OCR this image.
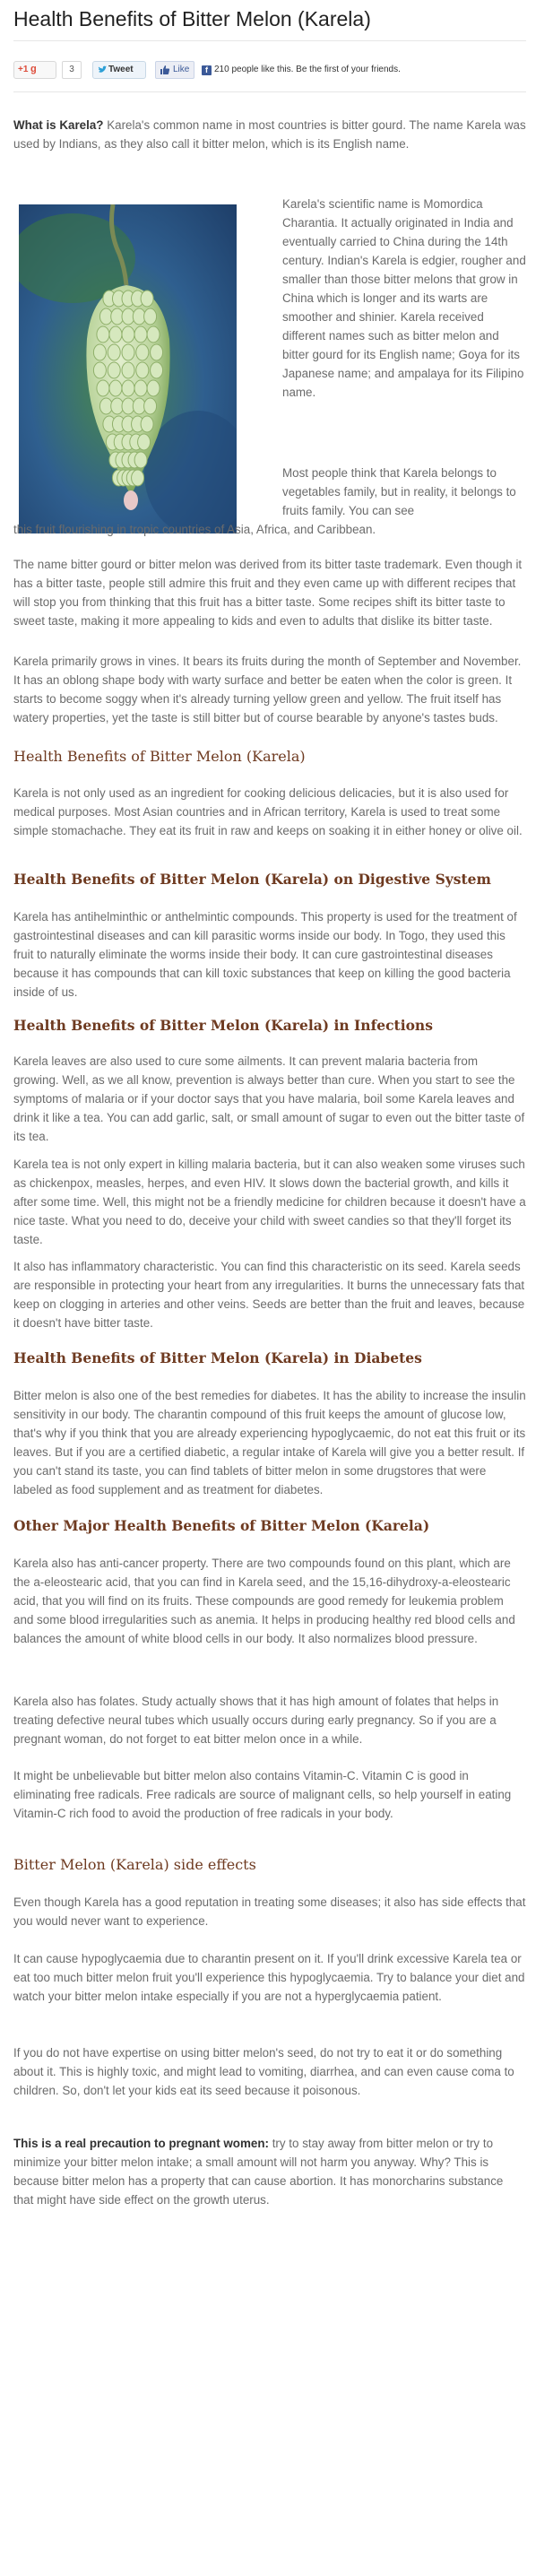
Health Benefits of Bitter Melon (Karela)
+1 g	3	Tweet	Like	f 210 people like this. Be the first of your friends.

What is Karela? Karela's common name in most countries is bitter gourd. The name Karela was used by Indians, as they also call it bitter melon, which is its English name.

Karela's scientific name is Momordica Charantia. It actually originated in India and eventually carried to China during the 14th century. Indian's Karela is edgier, rougher and smaller than those bitter melons that grow in China which is longer and its warts are smoother and shinier. Karela received different names such as bitter melon and bitter gourd for its English name; Goya for its Japanese name; and ampalaya for its Filipino name.
Most people think that Karela belongs to vegetables family, but in reality, it belongs to fruits family. You can see

this fruit flourishing in tropic countries of Asia, Africa, and Caribbean.

The name bitter gourd or bitter melon was derived from its bitter taste trademark. Even though it has a bitter taste, people still admire this fruit and they even came up with different recipes that will stop you from thinking that this fruit has a bitter taste. Some recipes shift its bitter taste to sweet taste, making it more appealing to kids and even to adults that dislike its bitter taste.

Karela primarily grows in vines. It bears its fruits during the month of September and November. It has an oblong shape body with warty surface and better be eaten when the color is green. It starts to become soggy when it's already turning yellow green and yellow. The fruit itself has watery properties, yet the taste is still bitter but of course bearable by anyone's tastes buds.

Health Benefits of Bitter Melon (Karela)

Karela is not only used as an ingredient for cooking delicious delicacies, but it is also used for medical purposes. Most Asian countries and in African territory, Karela is used to treat some simple stomachache. They eat its fruit in raw and keeps on soaking it in either honey or olive oil.

Health Benefits of Bitter Melon (Karela) on Digestive System

Karela has antihelminthic or anthelmintic compounds. This property is used for the treatment of gastrointestinal diseases and can kill parasitic worms inside our body. In Togo, they used this fruit to naturally eliminate the worms inside their body. It can cure gastrointestinal diseases because it has compounds that can kill toxic substances that keep on killing the good bacteria inside of us.

Health Benefits of Bitter Melon (Karela) in Infections

Karela leaves are also used to cure some ailments. It can prevent malaria bacteria from growing. Well, as we all know, prevention is always better than cure. When you start to see the symptoms of malaria or if your doctor says that you have malaria, boil some Karela leaves and drink it like a tea. You can add garlic, salt, or small amount of sugar to even out the bitter taste of its tea.

Karela tea is not only expert in killing malaria bacteria, but it can also weaken some viruses such as chickenpox, measles, herpes, and even HIV. It slows down the bacterial growth, and kills it after some time. Well, this might not be a friendly medicine for children because it doesn't have a nice taste. What you need to do, deceive your child with sweet candies so that they'll forget its taste.

It also has inflammatory characteristic. You can find this characteristic on its seed. Karela seeds are responsible in protecting your heart from any irregularities. It burns the unnecessary fats that keep on clogging in arteries and other veins. Seeds are better than the fruit and leaves, because it doesn't have bitter taste.

Health Benefits of Bitter Melon (Karela) in Diabetes

Bitter melon is also one of the best remedies for diabetes. It has the ability to increase the insulin sensitivity in our body. The charantin compound of this fruit keeps the amount of glucose low, that's why if you think that you are already experiencing hypoglycaemic, do not eat this fruit or its leaves. But if you are a certified diabetic, a regular intake of Karela will give you a better result. If you can't stand its taste, you can find tablets of bitter melon in some drugstores that were labeled as food supplement and as treatment for diabetes.

Other Major Health Benefits of Bitter Melon (Karela)

Karela also has anti-cancer property. There are two compounds found on this plant, which are the a-eleostearic acid, that you can find in Karela seed, and the 15,16-dihydroxy-a-eleostearic acid, that you will find on its fruits. These compounds are good remedy for leukemia problem and some blood irregularities such as anemia. It helps in producing healthy red blood cells and balances the amount of white blood cells in our body. It also normalizes blood pressure.

Karela also has folates. Study actually shows that it has high amount of folates that helps in treating defective neural tubes which usually occurs during early pregnancy. So if you are a pregnant woman, do not forget to eat bitter melon once in a while.

It might be unbelievable but bitter melon also contains Vitamin-C. Vitamin C is good in eliminating free radicals. Free radicals are source of malignant cells, so help yourself in eating Vitamin-C rich food to avoid the production of free radicals in your body.

Bitter Melon (Karela) side effects

Even though Karela has a good reputation in treating some diseases; it also has side effects that you would never want to experience.

It can cause hypoglycaemia due to charantin present on it. If you'll drink excessive Karela tea or eat too much bitter melon fruit you'll experience this hypoglycaemia. Try to balance your diet and watch your bitter melon intake especially if you are not a hyperglycaemia patient.

If you do not have expertise on using bitter melon's seed, do not try to eat it or do something about it. This is highly toxic, and might lead to vomiting, diarrhea, and can even cause coma to children. So, don't let your kids eat its seed because it poisonous.

This is a real precaution to pregnant women: try to stay away from bitter melon or try to minimize your bitter melon intake; a small amount will not harm you anyway. Why? This is because bitter melon has a property that can cause abortion. It has monorcharins substance that might have side effect on the growth uterus.
